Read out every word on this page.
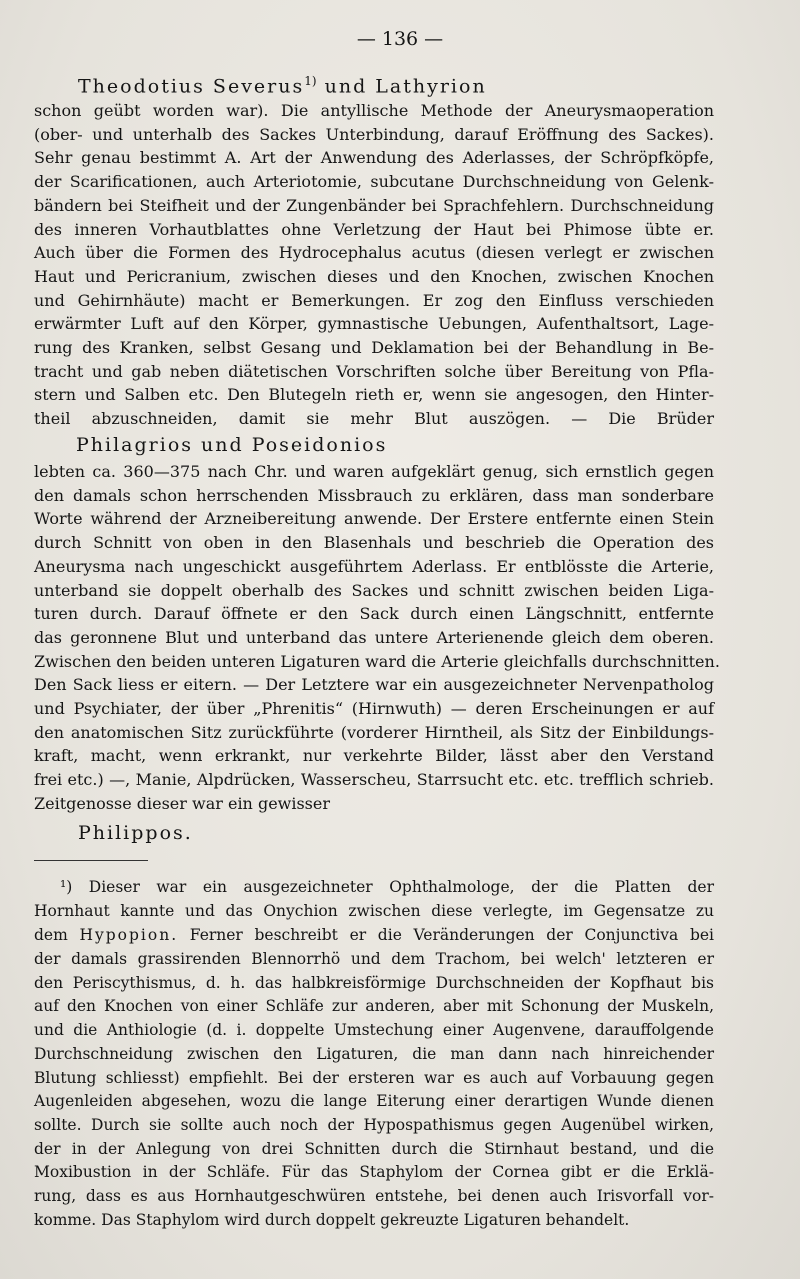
— 136 —
Theodotius Severus$^{1)}$ und Lathyrion
schon geübt worden war). Die antyllische Methode der Aneurysmaoperation
(ober- und unterhalb des Sackes Unterbindung, darauf Eröffnung des Sackes).
Sehr genau bestimmt A. Art der Anwendung des Aderlasses, der Schröpfköpfe,
der Scarificationen, auch Arteriotomie, subcutane Durchschneidung von Gelenk-
bändern bei Steifheit und der Zungenbänder bei Sprachfehlern. Durchschneidung
des inneren Vorhautblattes ohne Verletzung der Haut bei Phimose übte er.
Auch über die Formen des Hydrocephalus acutus (diesen verlegt er zwischen
Haut und Pericranium, zwischen dieses und den Knochen, zwischen Knochen
und Gehirnhäute) macht er Bemerkungen. Er zog den Einfluss verschieden
erwärmter Luft auf den Körper, gymnastische Uebungen, Aufenthaltsort, Lage-
rung des Kranken, selbst Gesang und Deklamation bei der Behandlung in Be-
tracht und gab neben diätetischen Vorschriften solche über Bereitung von Pfla-
stern und Salben etc. Den Blutegeln rieth er, wenn sie angesogen, den Hinter-
theil abzuschneiden, damit sie mehr Blut auszögen. — Die Brüder
Philagrios und Poseidonios
lebten ca. 360—375 nach Chr. und waren aufgeklärt genug, sich ernstlich gegen
den damals schon herrschenden Missbrauch zu erklären, dass man sonderbare
Worte während der Arzneibereitung anwende. Der Erstere entfernte einen Stein
durch Schnitt von oben in den Blasenhals und beschrieb die Operation des
Aneurysma nach ungeschickt ausgeführtem Aderlass. Er entblösste die Arterie,
unterband sie doppelt oberhalb des Sackes und schnitt zwischen beiden Liga-
turen durch. Darauf öffnete er den Sack durch einen Längschnitt, entfernte
das geronnene Blut und unterband das untere Arterienende gleich dem oberen.
Zwischen den beiden unteren Ligaturen ward die Arterie gleichfalls durchschnitten.
Den Sack liess er eitern. — Der Letztere war ein ausgezeichneter Nervenpatholog
und Psychiater, der über „Phrenitis“ (Hirnwuth) — deren Erscheinungen er auf
den anatomischen Sitz zurückführte (vorderer Hirntheil, als Sitz der Einbildungs-
kraft, macht, wenn erkrankt, nur verkehrte Bilder, lässt aber den Verstand
frei etc.) —, Manie, Alpdrücken, Wasserscheu, Starrsucht etc. etc. trefflich schrieb.
Zeitgenosse dieser war ein gewisser
Philippos.
¹) Dieser war ein ausgezeichneter Ophthalmologe, der die Platten der
Hornhaut kannte und das Onychion zwischen diese verlegte, im Gegensatze zu
dem Hypopion. Ferner beschreibt er die Veränderungen der Conjunctiva bei
der damals grassirenden Blennorrhö und dem Trachom, bei welch' letzteren er
den Periscythismus, d. h. das halbkreisförmige Durchschneiden der Kopfhaut bis
auf den Knochen von einer Schläfe zur anderen, aber mit Schonung der Muskeln,
und die Anthiologie (d. i. doppelte Umstechung einer Augenvene, darauffolgende
Durchschneidung zwischen den Ligaturen, die man dann nach hinreichender
Blutung schliesst) empfiehlt. Bei der ersteren war es auch auf Vorbauung gegen
Augenleiden abgesehen, wozu die lange Eiterung einer derartigen Wunde dienen
sollte. Durch sie sollte auch noch der Hypospathismus gegen Augenübel wirken,
der in der Anlegung von drei Schnitten durch die Stirnhaut bestand, und die
Moxibustion in der Schläfe. Für das Staphylom der Cornea gibt er die Erklä-
rung, dass es aus Hornhautgeschwüren entstehe, bei denen auch Irisvorfall vor-
komme. Das Staphylom wird durch doppelt gekreuzte Ligaturen behandelt.
